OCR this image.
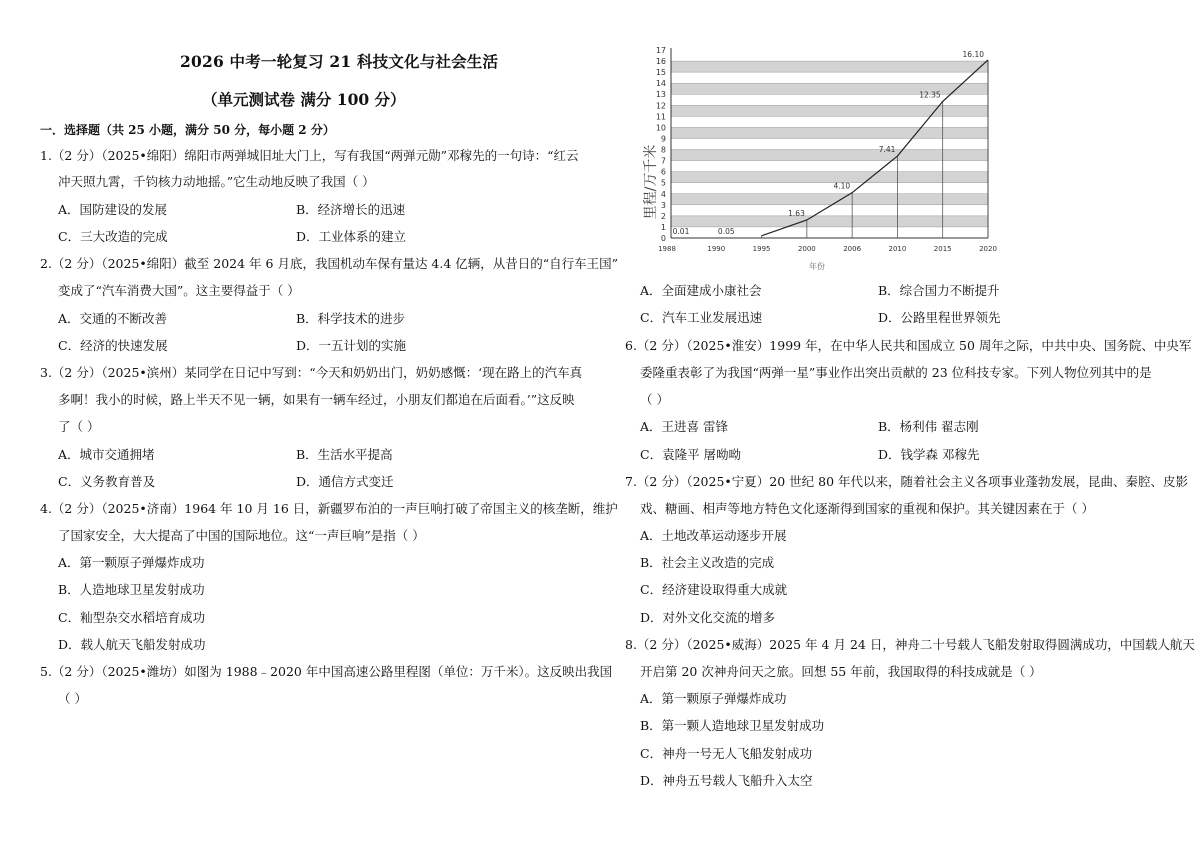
2026 中考一轮复习 21 科技文化与社会生活
（单元测试卷 满分 100 分）
一．选择题（共 25 小题，满分 50 分，每小题 2 分）
1.（2 分）（2025•绵阳）绵阳市两弹城旧址大门上，写有我国“两弹元勋”邓稼先的一句诗：“红云
冲天照九霄，千钧核力动地摇。”它生动地反映了我国（ ）
A．国防建设的发展	B．经济增长的迅速
C．三大改造的完成	D．工业体系的建立
2.（2 分）（2025•绵阳）截至 2024 年 6 月底，我国机动车保有量达 4.4 亿辆，从昔日的“自行车王国”
变成了“汽车消费大国”。这主要得益于（ ）
A．交通的不断改善	B．科学技术的进步
C．经济的快速发展	D．一五计划的实施
3.（2 分）（2025•滨州）某同学在日记中写到：“今天和奶奶出门，奶奶感慨：‘现在路上的汽车真
多啊！我小的时候，路上半天不见一辆，如果有一辆车经过，小朋友们都追在后面看。’”这反映
了（ ）
A．城市交通拥堵	B．生活水平提高
C．义务教育普及	D．通信方式变迁
4.（2 分）（2025•济南）1964 年 10 月 16 日，新疆罗布泊的一声巨响打破了帝国主义的核垄断，维护
了国家安全，大大提高了中国的国际地位。这“一声巨响”是指（ ）
A．第一颗原子弹爆炸成功
B．人造地球卫星发射成功
C．籼型杂交水稻培育成功
D．载人航天飞船发射成功
5.（2 分）（2025•潍坊）如图为 1988﹣2020 年中国高速公路里程图（单位：万千米）。这反映出我国
（ ）
0
1
2
3
4
5
6
7
8
9
10
11
12
13
14
15
16
17
1988	1990	1995	2000	2006	2010	2015	2020
0.01	0.05
1.63
4.10
7.41
12.35
16.10
里程/万千米
年份
A．全面建成小康社会	B．综合国力不断提升
C．汽车工业发展迅速	D．公路里程世界领先
6.（2 分）（2025•淮安）1999 年，在中华人民共和国成立 50 周年之际，中共中央、国务院、中央军
委隆重表彰了为我国“两弹一星”事业作出突出贡献的 23 位科技专家。下列人物位列其中的是
（ ）
A．王进喜 雷锋	B．杨利伟 翟志刚
C．袁隆平 屠呦呦	D．钱学森 邓稼先
7.（2 分）（2025•宁夏）20 世纪 80 年代以来，随着社会主义各项事业蓬勃发展，昆曲、秦腔、皮影
戏、糖画、相声等地方特色文化逐渐得到国家的重视和保护。其关键因素在于（ ）
A．土地改革运动逐步开展
B．社会主义改造的完成
C．经济建设取得重大成就
D．对外文化交流的增多
8.（2 分）（2025•威海）2025 年 4 月 24 日，神舟二十号载人飞船发射取得圆满成功，中国载人航天
开启第 20 次神舟问天之旅。回想 55 年前，我国取得的科技成就是（ ）
A．第一颗原子弹爆炸成功
B．第一颗人造地球卫星发射成功
C．神舟一号无人飞船发射成功
D．神舟五号载人飞船升入太空
